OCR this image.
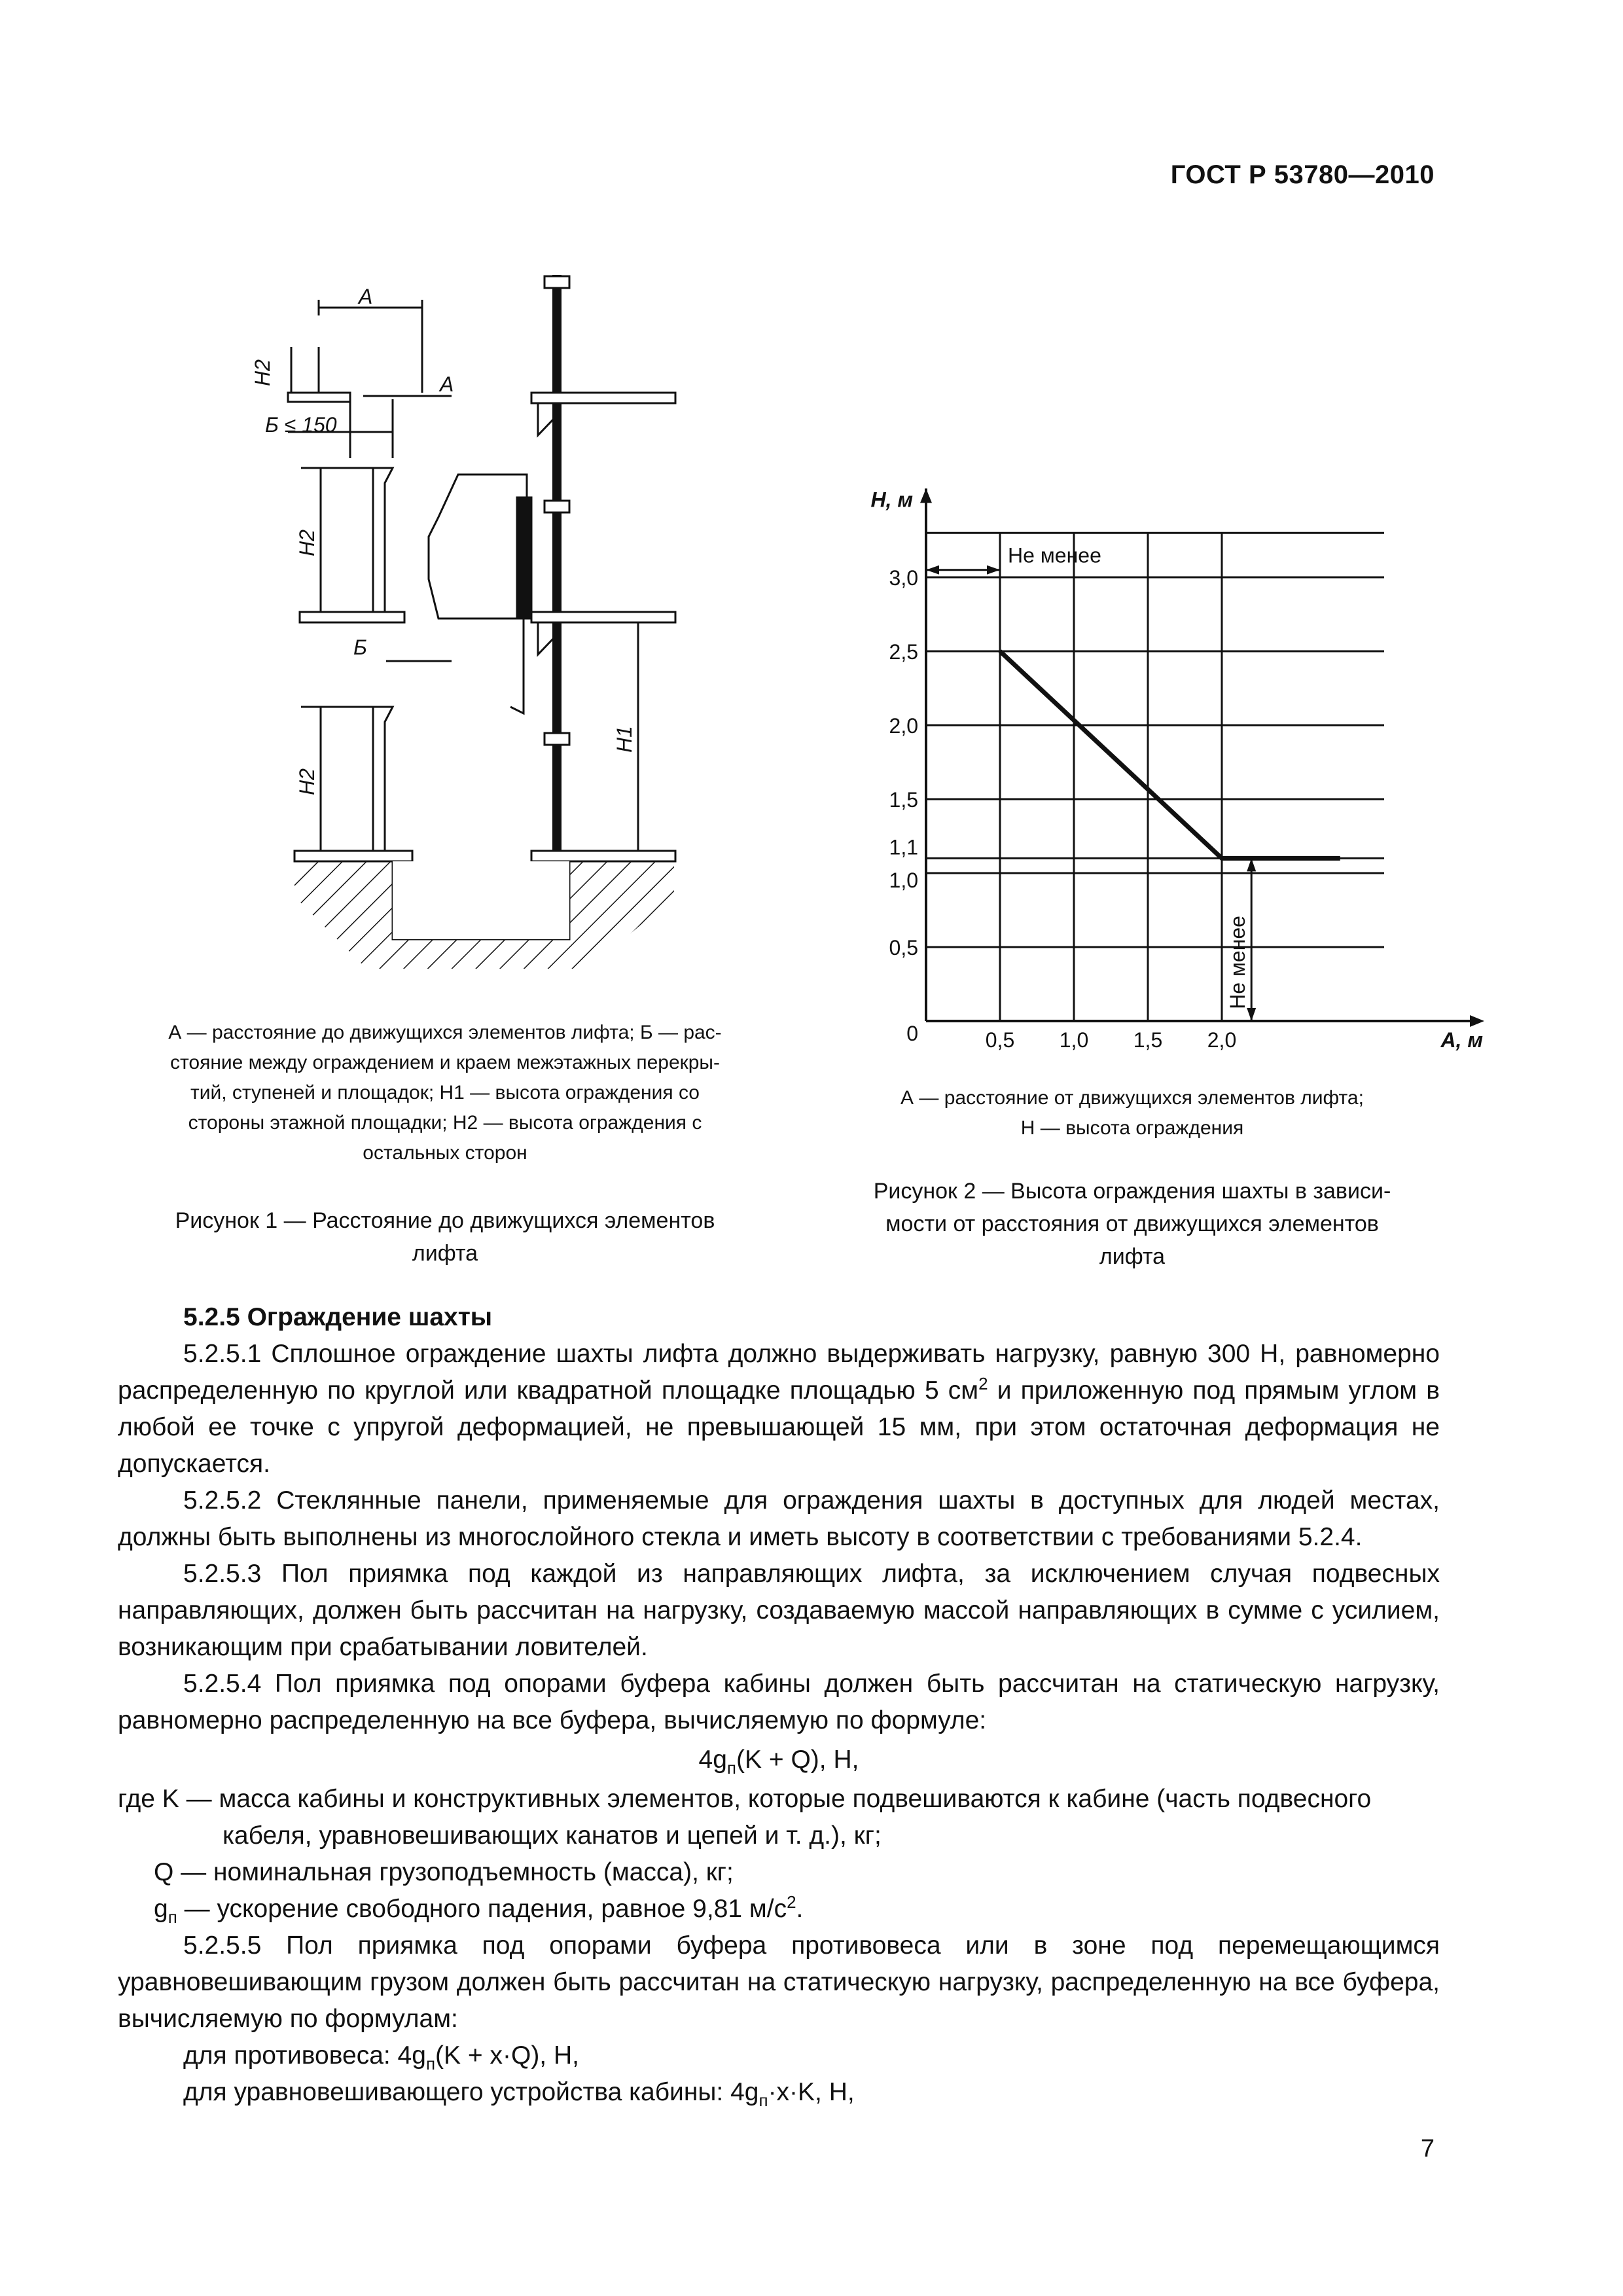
ГОСТ Р 53780—2010
А
А
Б ≤ 150
Б
Н2
Н2
Н2
Н1
0,5
1,0
1,1
1,5
2,0
2,5
3,0
0,5 1,0 1,5 2,0
0
Н, м
А, м
Не менее
Не менее
А — расстояние до движущихся элементов лифта; Б — рас-
стояние между ограждением и краем межэтажных перекры-
тий, ступеней и площадок; Н1 — высота ограждения со
стороны этажной площадки; Н2 — высота ограждения с
остальных сторон
Рисунок 1 — Расстояние до движущихся элементов
лифта
А — расстояние от движущихся элементов лифта;
Н — высота ограждения
Рисунок 2 — Высота ограждения шахты в зависи-
мости от расстояния от движущихся элементов
лифта
5.2.5 Ограждение шахты
5.2.5.1 Сплошное ограждение шахты лифта должно выдерживать нагрузку, равную 300 Н, равномерно распределенную по круглой или квадратной площадке площадью 5 $см^2$ и приложенную под прямым углом в любой ее точке с упругой деформацией, не превышающей 15 мм, при этом остаточная деформация не допускается.
5.2.5.2 Стеклянные панели, применяемые для ограждения шахты в доступных для людей местах, должны быть выполнены из многослойного стекла и иметь высоту в соответствии с требованиями 5.2.4.
5.2.5.3 Пол приямка под каждой из направляющих лифта, за исключением случая подвесных направляющих, должен быть рассчитан на нагрузку, создаваемую массой направляющих в сумме с усилием, возникающим при срабатывании ловителей.
5.2.5.4 Пол приямка под опорами буфера кабины должен быть рассчитан на статическую нагрузку, равномерно распределенную на все буфера, вычисляемую по формуле:
$4g_п(K + Q)$, Н,
где K — масса кабины и конструктивных элементов, которые подвешиваются к кабине (часть подвесного
кабеля, уравновешивающих канатов и цепей и т. д.), кг;
Q — номинальная грузоподъемность (масса), кг;
$g_п$ — ускорение свободного падения, равное 9,81 $м/с^2$.
5.2.5.5 Пол приямка под опорами буфера противовеса или в зоне под перемещающимся уравновешивающим грузом должен быть рассчитан на статическую нагрузку, распределенную на все буфера, вычисляемую по формулам:
для противовеса: $4g_п(K + x\cdot Q)$, Н,
для уравновешивающего устройства кабины: $4g_п\cdot x\cdot K$, Н,
7
